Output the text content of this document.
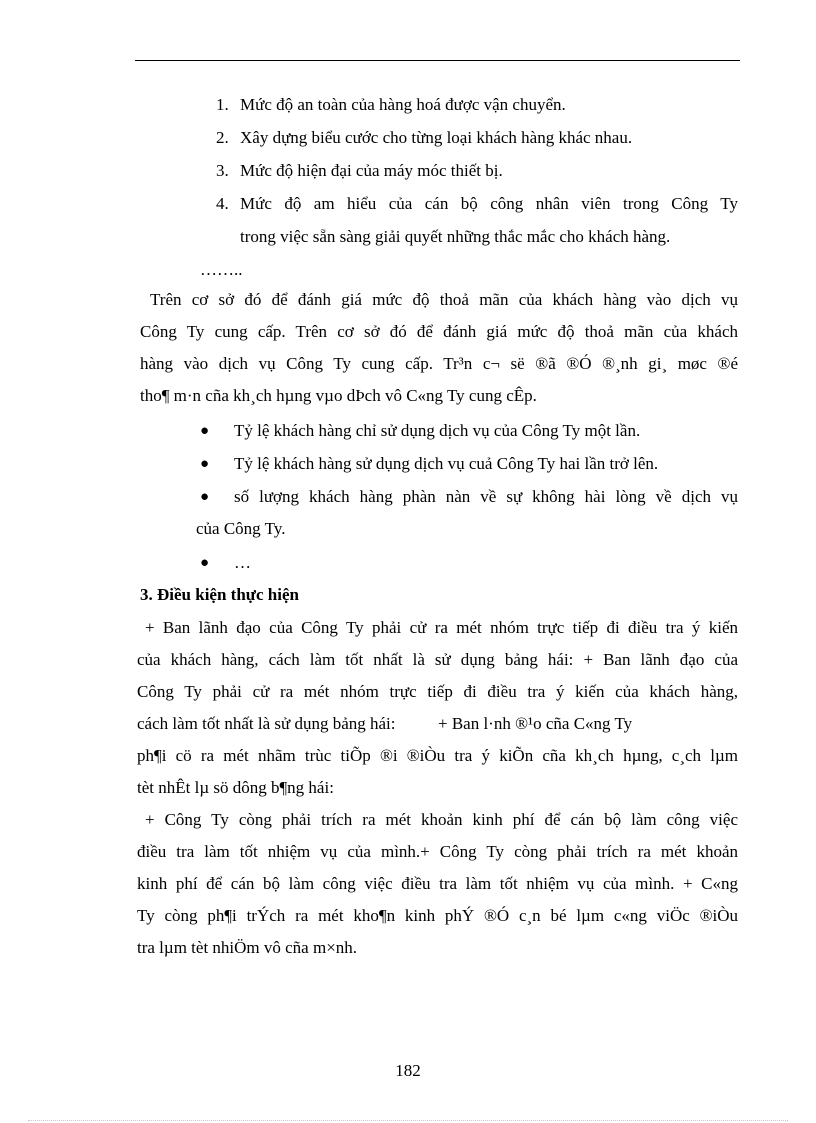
1. Mức độ an toàn của hàng hoá được vận chuyển.
2. Xây dựng biểu cước cho từng loại khách hàng khác nhau.
3. Mức độ hiện đại của máy móc thiết bị.
4. Mức độ am hiểu của cán bộ công nhân viên trong Công Ty
trong việc sẵn sàng giải quyết những thắc mắc cho khách hàng.
……..
Trên cơ sở đó để đánh giá mức độ thoả mãn của khách hàng vào dịch vụ
Công Ty cung cấp. Trên cơ sở đó để đánh giá mức độ thoả mãn của khách
hàng vào dịch vụ Công Ty cung cấp. Tr³n c¬ së ®ã ®Ó ®¸nh gi¸ møc ®é
tho¶ m·n cña kh¸ch hµng vµo dÞch vô C«ng Ty cung cÊp.
● Tỷ lệ khách hàng chỉ sử dụng dịch vụ của Công Ty một lần.
● Tỷ lệ khách hàng sử dụng dịch vụ cuả Công Ty hai lần trở lên.
● số lượng khách hàng phàn nàn về sự không hài lòng về dịch vụ
của Công Ty.
● …
3. Điều kiện thực hiện
+ Ban lãnh đạo của Công Ty phải cử ra mét nhóm trực tiếp đi điều tra ý kiến
của khách hàng, cách làm tốt nhất là sử dụng bảng hái: + Ban lãnh đạo của
Công Ty phải cử ra mét nhóm trực tiếp đi điều tra ý kiến của khách hàng,
cách làm tốt nhất là sử dụng bảng hái:          + Ban l·nh ®¹o cña C«ng Ty
ph¶i cö ra mét nhãm trùc tiÕp ®i ®iÒu tra ý kiÕn cña kh¸ch hµng, c¸ch lµm
tèt nhÊt lµ sö dông b¶ng hái:
+ Công Ty còng phải trích ra mét khoản kinh phí để cán bộ làm công việc
điều tra làm tốt nhiệm vụ của mình.+ Công Ty còng phải trích ra mét khoản
kinh phí để cán bộ làm công việc điều tra làm tốt nhiệm vụ của mình. + C«ng
Ty còng ph¶i trÝch ra mét kho¶n kinh phÝ ®Ó c¸n bé lµm c«ng viÖc ®iÒu
tra lµm tèt nhiÖm vô cña m×nh.
182
